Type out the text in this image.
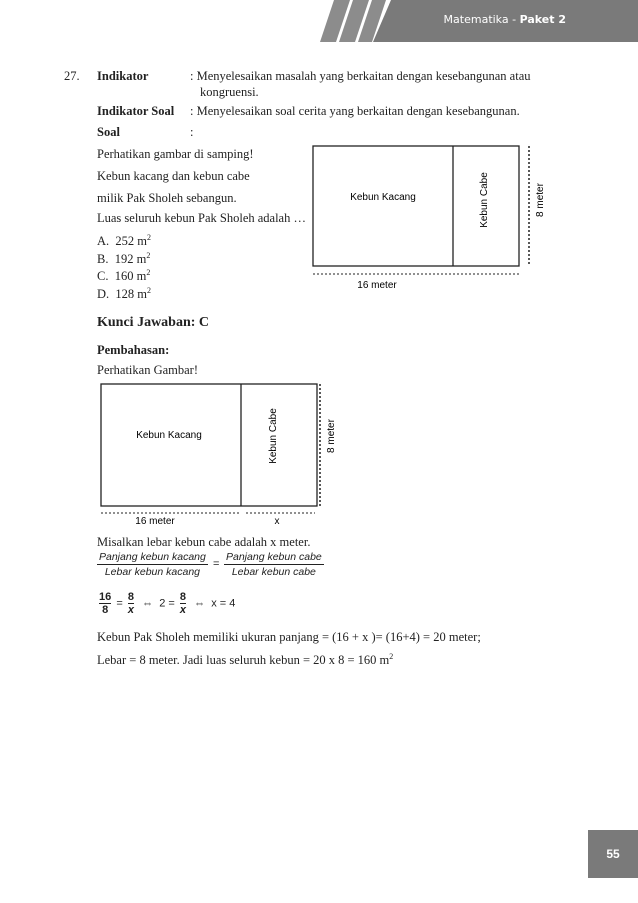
Matematika - Paket 2
27. Indikator	: Menyelesaikan masalah yang berkaitan dengan kesebangunan atau
kongruensi.
Indikator Soal : Menyelesaikan soal cerita yang berkaitan dengan kesebangunan.
Soal	:
Perhatikan gambar di samping!
Kebun kacang dan kebun cabe
milik Pak Sholeh sebangun.
Luas seluruh kebun Pak Sholeh adalah …
A. 252 $m^2$
B. 192 $m^2$
C. 160 $m^2$
D. 128 $m^2$
Kebun Kacang	Kebun Cabe	8 meter
16 meter
Kunci Jawaban: C
Pembahasan:
Perhatikan Gambar!
Kebun Kacang	Kebun Cabe	8 meter
16 meter	x
Misalkan lebar kebun cabe adalah x meter.
Panjang kebun kacang
Lebar kebun kacang
=
Panjang kebun cabe
Lebar kebun cabe
$\frac{16}{8} = \frac{8}{x}$ ⇔ $2 = \frac{8}{x}$ ⇔ x = 4
Kebun Pak Sholeh memiliki ukuran panjang = (16 + x )= (16+4) = 20 meter;
Lebar = 8 meter. Jadi luas seluruh kebun = 20 x 8 = 160 $m^2$
55
